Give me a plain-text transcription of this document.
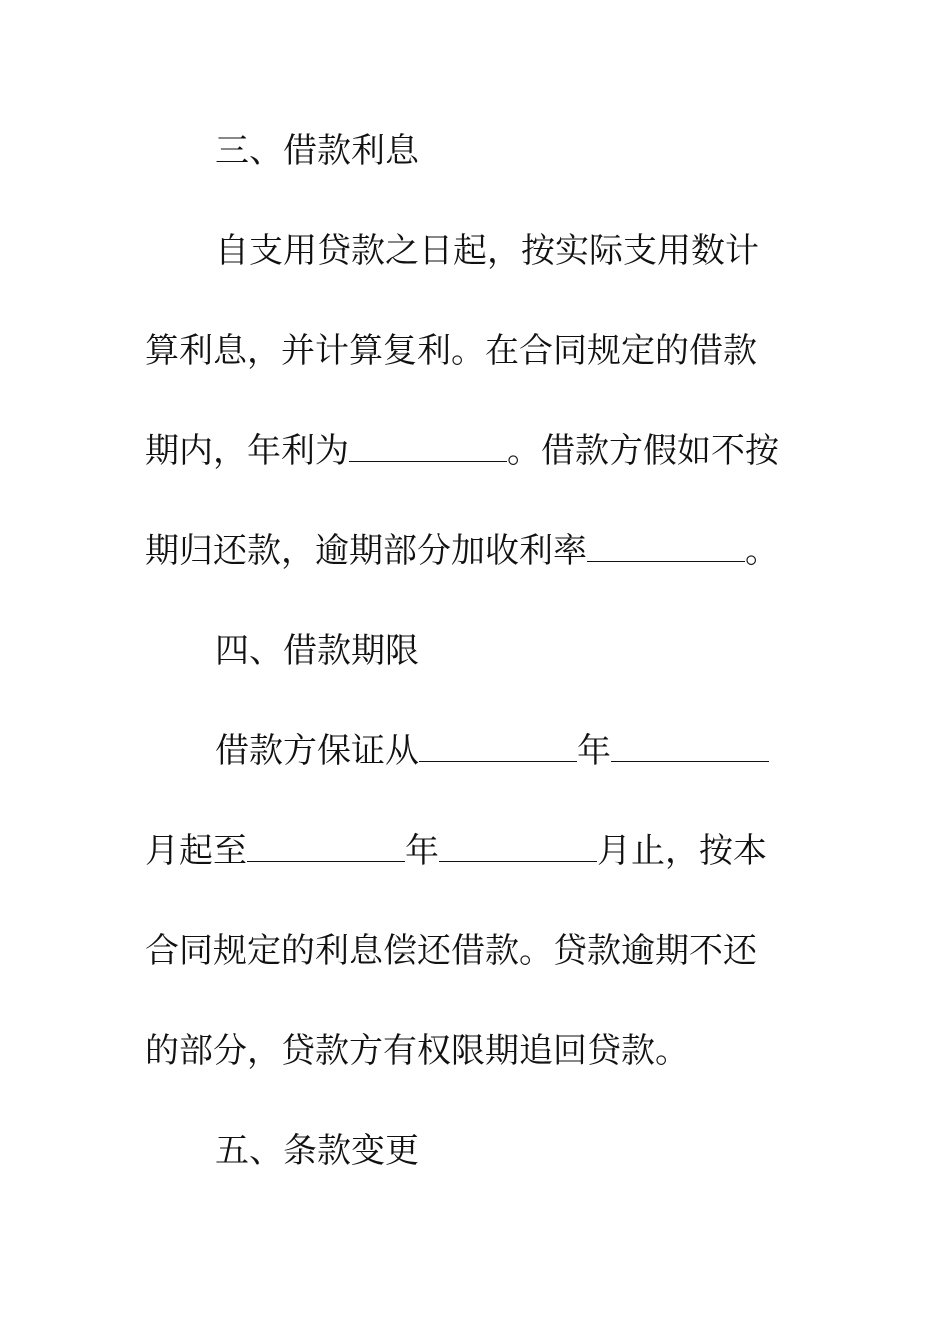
三、借款利息
自支用贷款之日起，按实际支用数计
算利息，并计算复利。在合同规定的借款
期内，年利为	。借款方假如不按
期归还款，逾期部分加收利率	。
四、借款期限
借款方保证从	年
月起至	年	月止，按本
合同规定的利息偿还借款。贷款逾期不还
的部分，贷款方有权限期追回贷款。
五、条款变更
